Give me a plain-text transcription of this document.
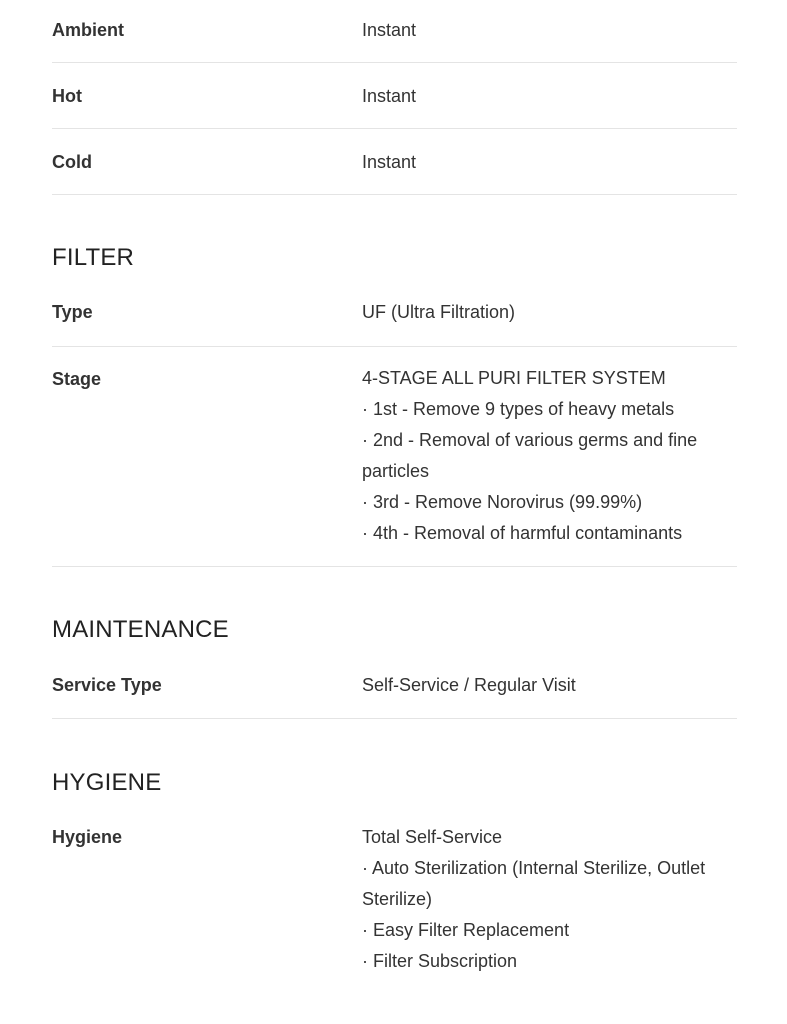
Ambient	Instant
Hot	Instant
Cold	Instant
FILTER
Type	UF (Ultra Filtration)
Stage	4-STAGE ALL PURI FILTER SYSTEM
· 1st - Remove 9 types of heavy metals
· 2nd - Removal of various germs and fine
particles
· 3rd - Remove Norovirus (99.99%)
· 4th - Removal of harmful contaminants
MAINTENANCE
Service Type	Self-Service / Regular Visit
HYGIENE
Hygiene	Total Self-Service
· Auto Sterilization (Internal Sterilize, Outlet
Sterilize)
· Easy Filter Replacement
· Filter Subscription
